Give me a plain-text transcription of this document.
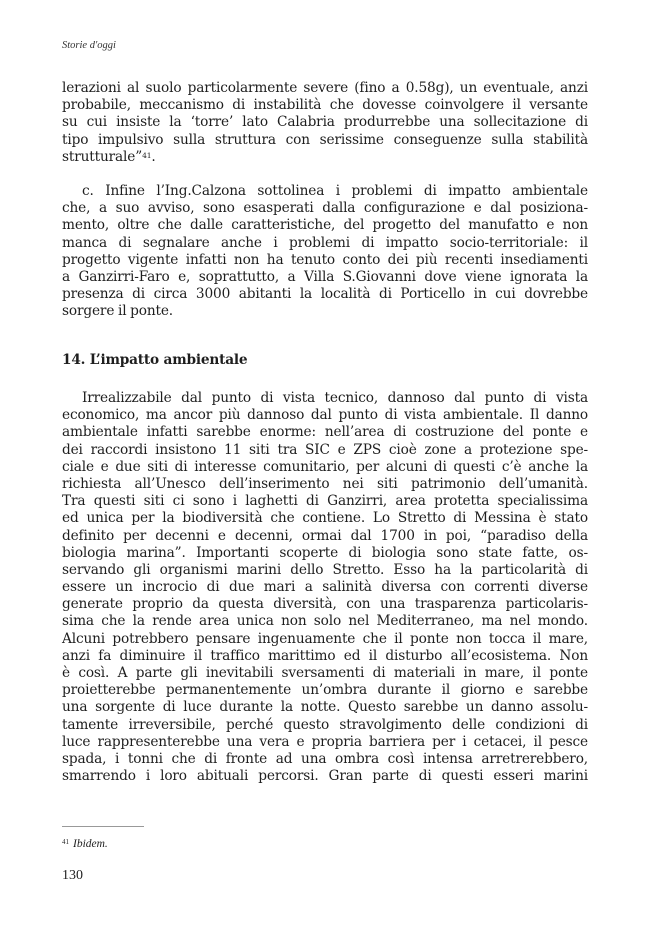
Storie d'oggi
lerazioni al suolo particolarmente severe (fino a 0.58g), un eventuale, anzi
probabile, meccanismo di instabilità che dovesse coinvolgere il versante
su cui insiste la ‘torre’ lato Calabria produrrebbe una sollecitazione di
tipo impulsivo sulla struttura con serissime conseguenze sulla stabilità
strutturale”$^{41}$.
c. Infine l’Ing.Calzona sottolinea i problemi di impatto ambientale
che, a suo avviso, sono esasperati dalla configurazione e dal posiziona-
mento, oltre che dalle caratteristiche, del progetto del manufatto e non
manca di segnalare anche i problemi di impatto socio-territoriale: il
progetto vigente infatti non ha tenuto conto dei più recenti insediamenti
a Ganzirri-Faro e, soprattutto, a Villa S.Giovanni dove viene ignorata la
presenza di circa 3000 abitanti la località di Porticello in cui dovrebbe
sorgere il ponte.
14. L’impatto ambientale
Irrealizzabile dal punto di vista tecnico, dannoso dal punto di vista
economico, ma ancor più dannoso dal punto di vista ambientale. Il danno
ambientale infatti sarebbe enorme: nell’area di costruzione del ponte e
dei raccordi insistono 11 siti tra SIC e ZPS cioè zone a protezione spe-
ciale e due siti di interesse comunitario, per alcuni di questi c’è anche la
richiesta all’Unesco dell’inserimento nei siti patrimonio dell’umanità.
Tra questi siti ci sono i laghetti di Ganzirri, area protetta specialissima
ed unica per la biodiversità che contiene. Lo Stretto di Messina è stato
definito per decenni e decenni, ormai dal 1700 in poi, “paradiso della
biologia marina”. Importanti scoperte di biologia sono state fatte, os-
servando gli organismi marini dello Stretto. Esso ha la particolarità di
essere un incrocio di due mari a salinità diversa con correnti diverse
generate proprio da questa diversità, con una trasparenza particolaris-
sima che la rende area unica non solo nel Mediterraneo, ma nel mondo.
Alcuni potrebbero pensare ingenuamente che il ponte non tocca il mare,
anzi fa diminuire il traffico marittimo ed il disturbo all’ecosistema. Non
è così. A parte gli inevitabili sversamenti di materiali in mare, il ponte
proietterebbe permanentemente un’ombra durante il giorno e sarebbe
una sorgente di luce durante la notte. Questo sarebbe un danno assolu-
tamente irreversibile, perché questo stravolgimento delle condizioni di
luce rappresenterebbe una vera e propria barriera per i cetacei, il pesce
spada, i tonni che di fronte ad una ombra così intensa arretrerebbero,
smarrendo i loro abituali percorsi. Gran parte di questi esseri marini
$^{41}$ Ibidem.
130
